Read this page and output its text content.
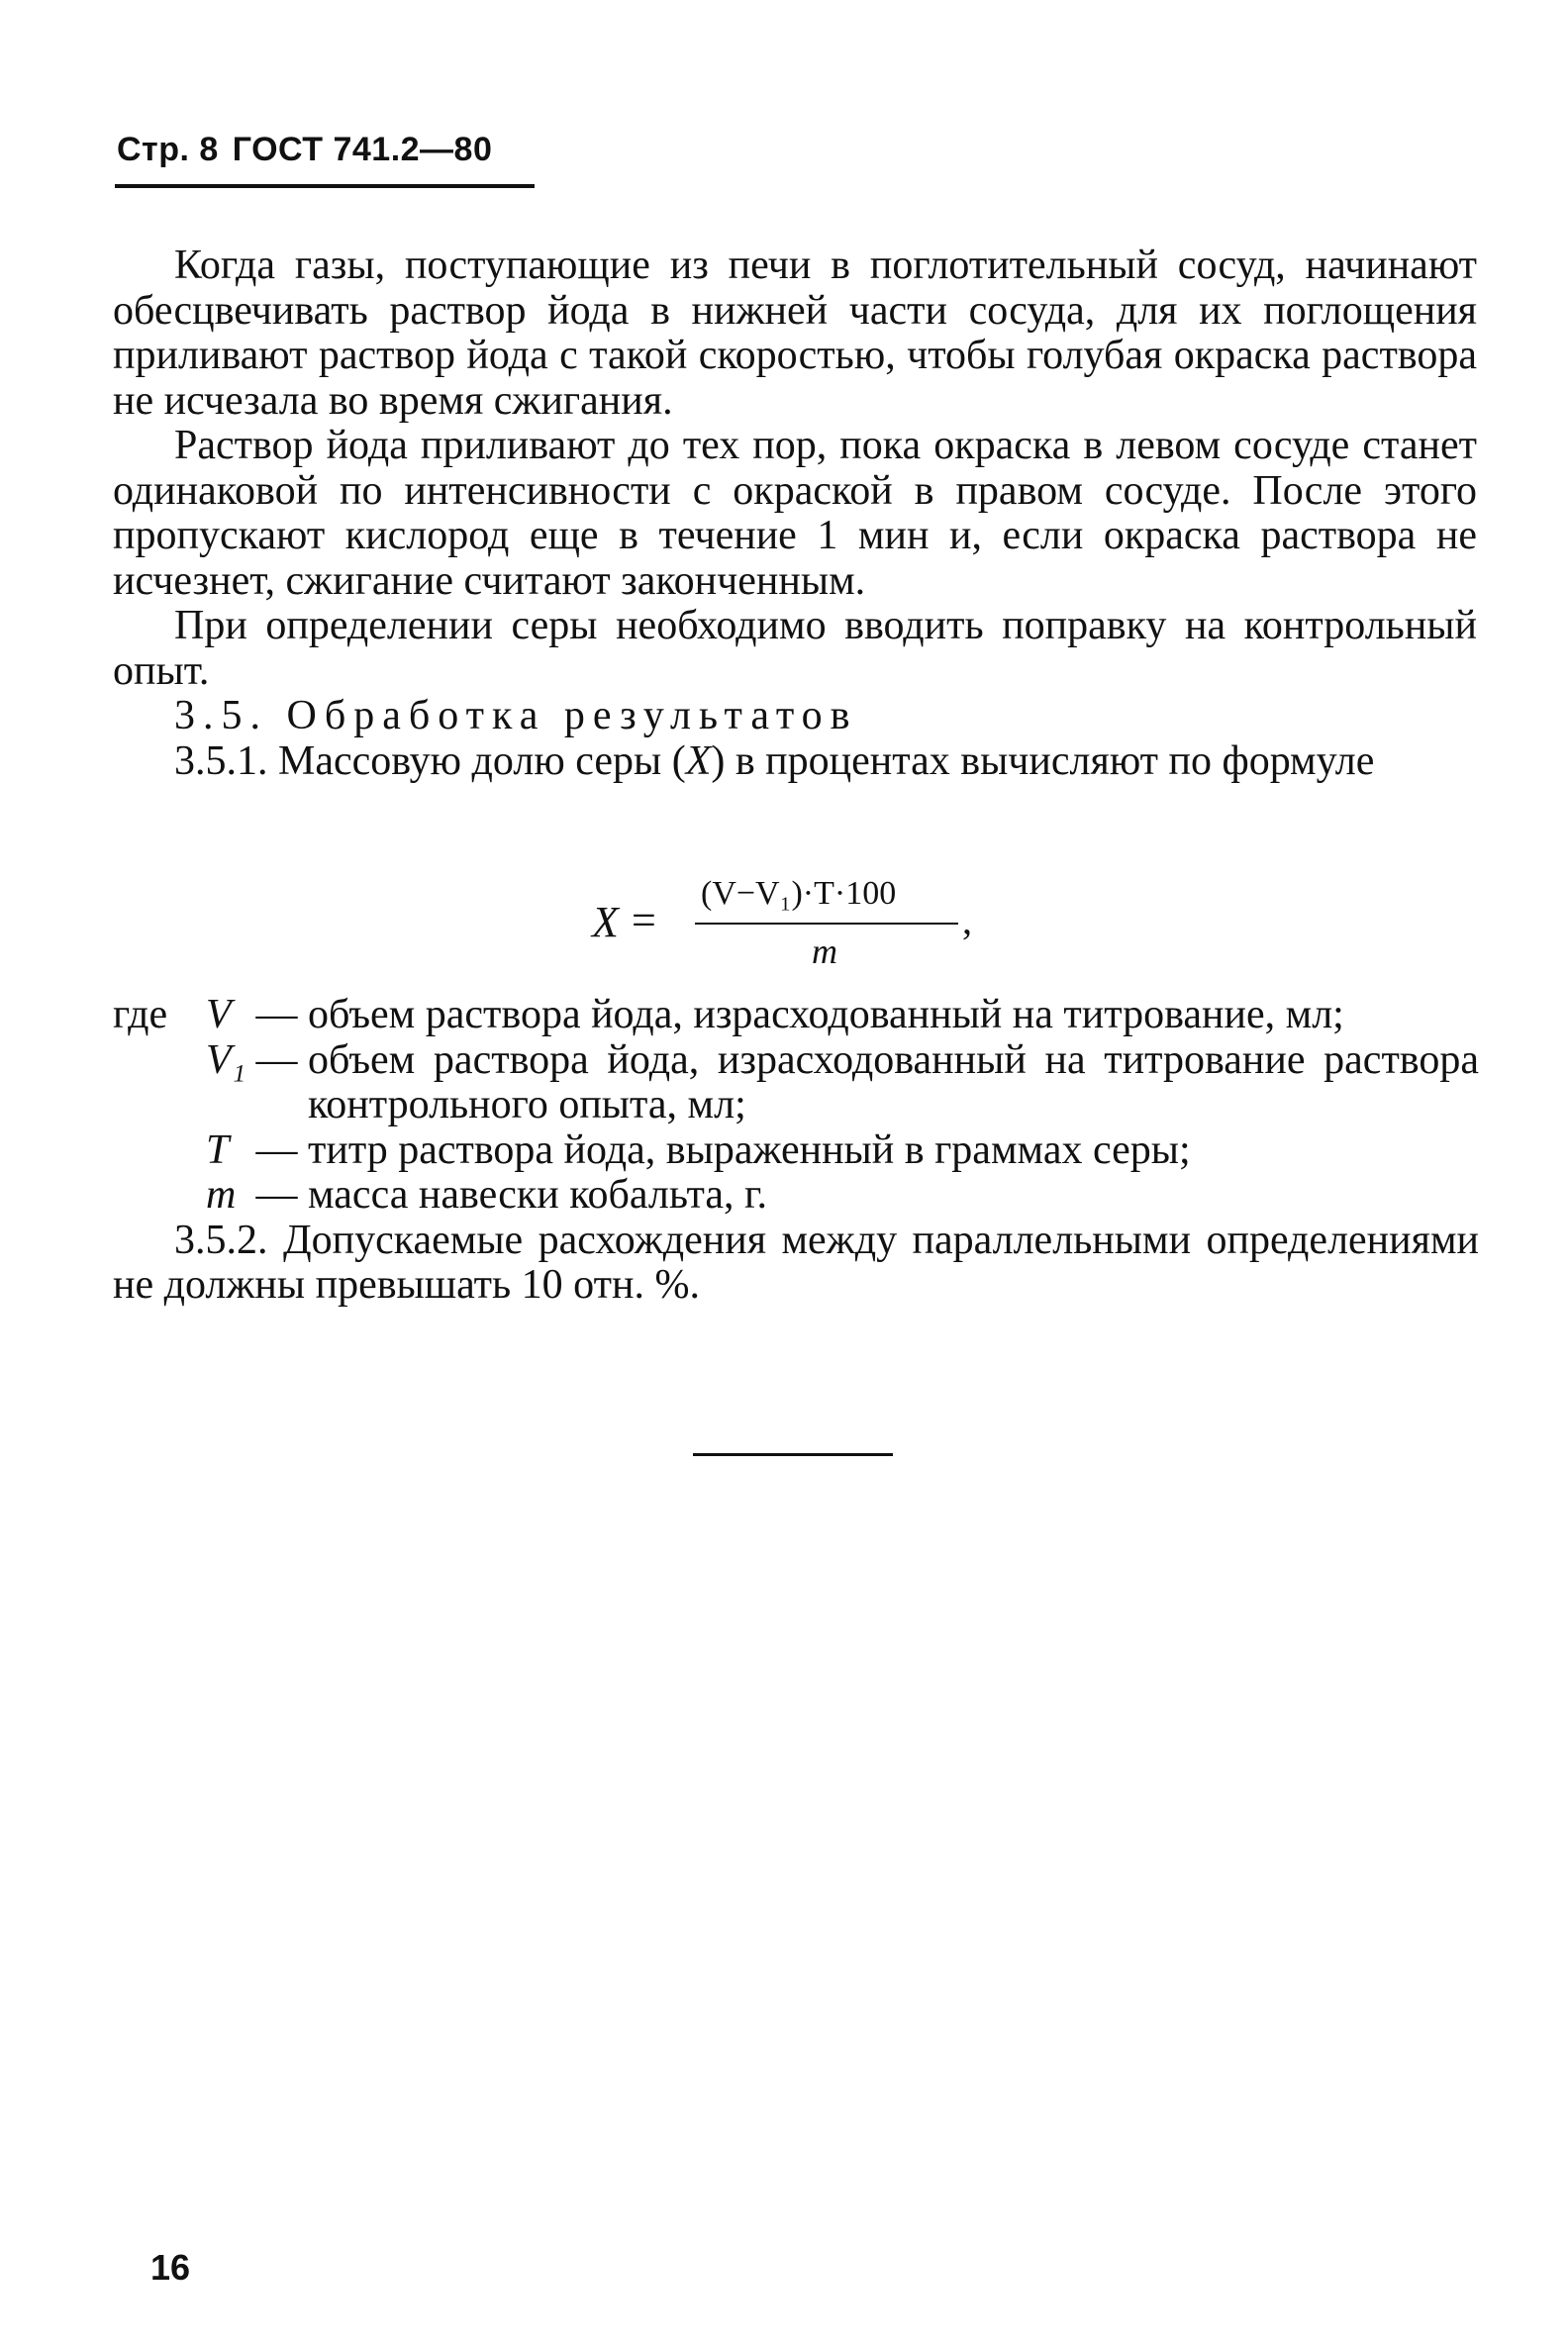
Стр. 8 ГОСТ 741.2—80

Когда газы, поступающие из печи в поглотительный сосуд, начинают обесцвечивать раствор йода в нижней части сосуда, для их поглощения приливают раствор йода с такой скоростью, чтобы голубая окраска раствора не исчезала во время сжигания.

Раствор йода приливают до тех пор, пока окраска в левом сосуде станет одинаковой по интенсивности с окраской в правом сосуде. После этого пропускают кислород еще в течение 1 мин и, если окраска раствора не исчезнет, сжигание считают законченным.

При определении серы необходимо вводить поправку на контрольный опыт.

3.5. Обработка результатов

3.5.1. Массовую долю серы (X) в процентах вычисляют по формуле

X =
(V−V₁)·T·100
m
,
где V — объем раствора йода, израсходованный на титрование, мл;
V₁ — объем раствора йода, израсходованный на титрование раствора контрольного опыта, мл;
T — титр раствора йода, выраженный в граммах серы;
m — масса навески кобальта, г.

3.5.2. Допускаемые расхождения между параллельными определениями не должны превышать 10 отн. %.

16
